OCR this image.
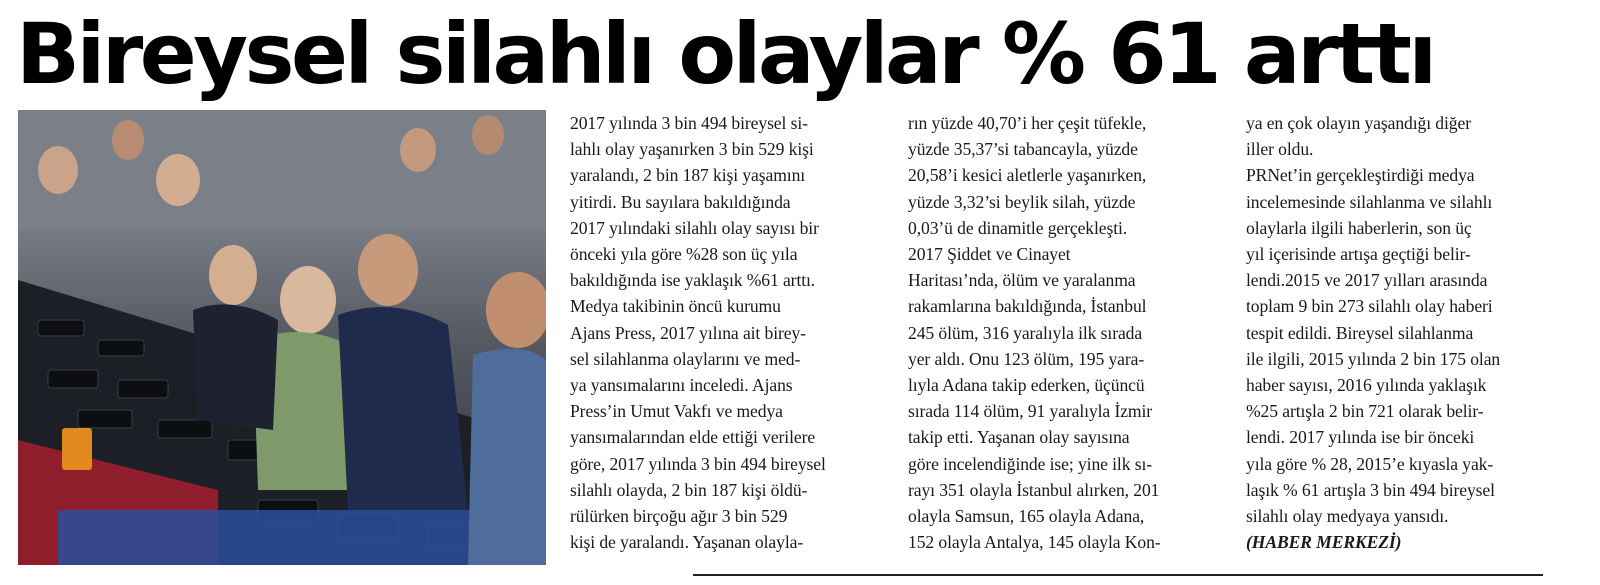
Bireysel silahlı olaylar % 61 arttı
2017 yılında 3 bin 494 bireysel si-
lahlı olay yaşanırken 3 bin 529 kişi
yaralandı, 2 bin 187 kişi yaşamını
yitirdi. Bu sayılara bakıldığında
2017 yılındaki silahlı olay sayısı bir
önceki yıla göre %28 son üç yıla
bakıldığında ise yaklaşık %61 arttı.
Medya takibinin öncü kurumu
Ajans Press, 2017 yılına ait birey-
sel silahlanma olaylarını ve med-
ya yansımalarını inceledi. Ajans
Press’in Umut Vakfı ve medya
yansımalarından elde ettiği verilere
göre, 2017 yılında 3 bin 494 bireysel
silahlı olayda, 2 bin 187 kişi öldü-
rülürken birçoğu ağır 3 bin 529
kişi de yaralandı. Yaşanan olayla-
rın yüzde 40,70’i her çeşit tüfekle,
yüzde 35,37’si tabancayla, yüzde
20,58’i kesici aletlerle yaşanırken,
yüzde 3,32’si beylik silah, yüzde
0,03’ü de dinamitle gerçekleşti.
2017 Şiddet ve Cinayet
Haritası’nda, ölüm ve yaralanma
rakamlarına bakıldığında, İstanbul
245 ölüm, 316 yaralıyla ilk sırada
yer aldı. Onu 123 ölüm, 195 yara-
lıyla Adana takip ederken, üçüncü
sırada 114 ölüm, 91 yaralıyla İzmir
takip etti. Yaşanan olay sayısına
göre incelendiğinde ise; yine ilk sı-
rayı 351 olayla İstanbul alırken, 201
olayla Samsun, 165 olayla Adana,
152 olayla Antalya, 145 olayla Kon-
ya en çok olayın yaşandığı diğer
iller oldu.
PRNet’in gerçekleştirdiği medya
incelemesinde silahlanma ve silahlı
olaylarla ilgili haberlerin, son üç
yıl içerisinde artışa geçtiği belir-
lendi.2015 ve 2017 yılları arasında
toplam 9 bin 273 silahlı olay haberi
tespit edildi. Bireysel silahlanma
ile ilgili, 2015 yılında 2 bin 175 olan
haber sayısı, 2016 yılında yaklaşık
%25 artışla 2 bin 721 olarak belir-
lendi. 2017 yılında ise bir önceki
yıla göre % 28, 2015’e kıyasla yak-
laşık % 61 artışla 3 bin 494 bireysel
silahlı olay medyaya yansıdı.
(HABER MERKEZİ)
